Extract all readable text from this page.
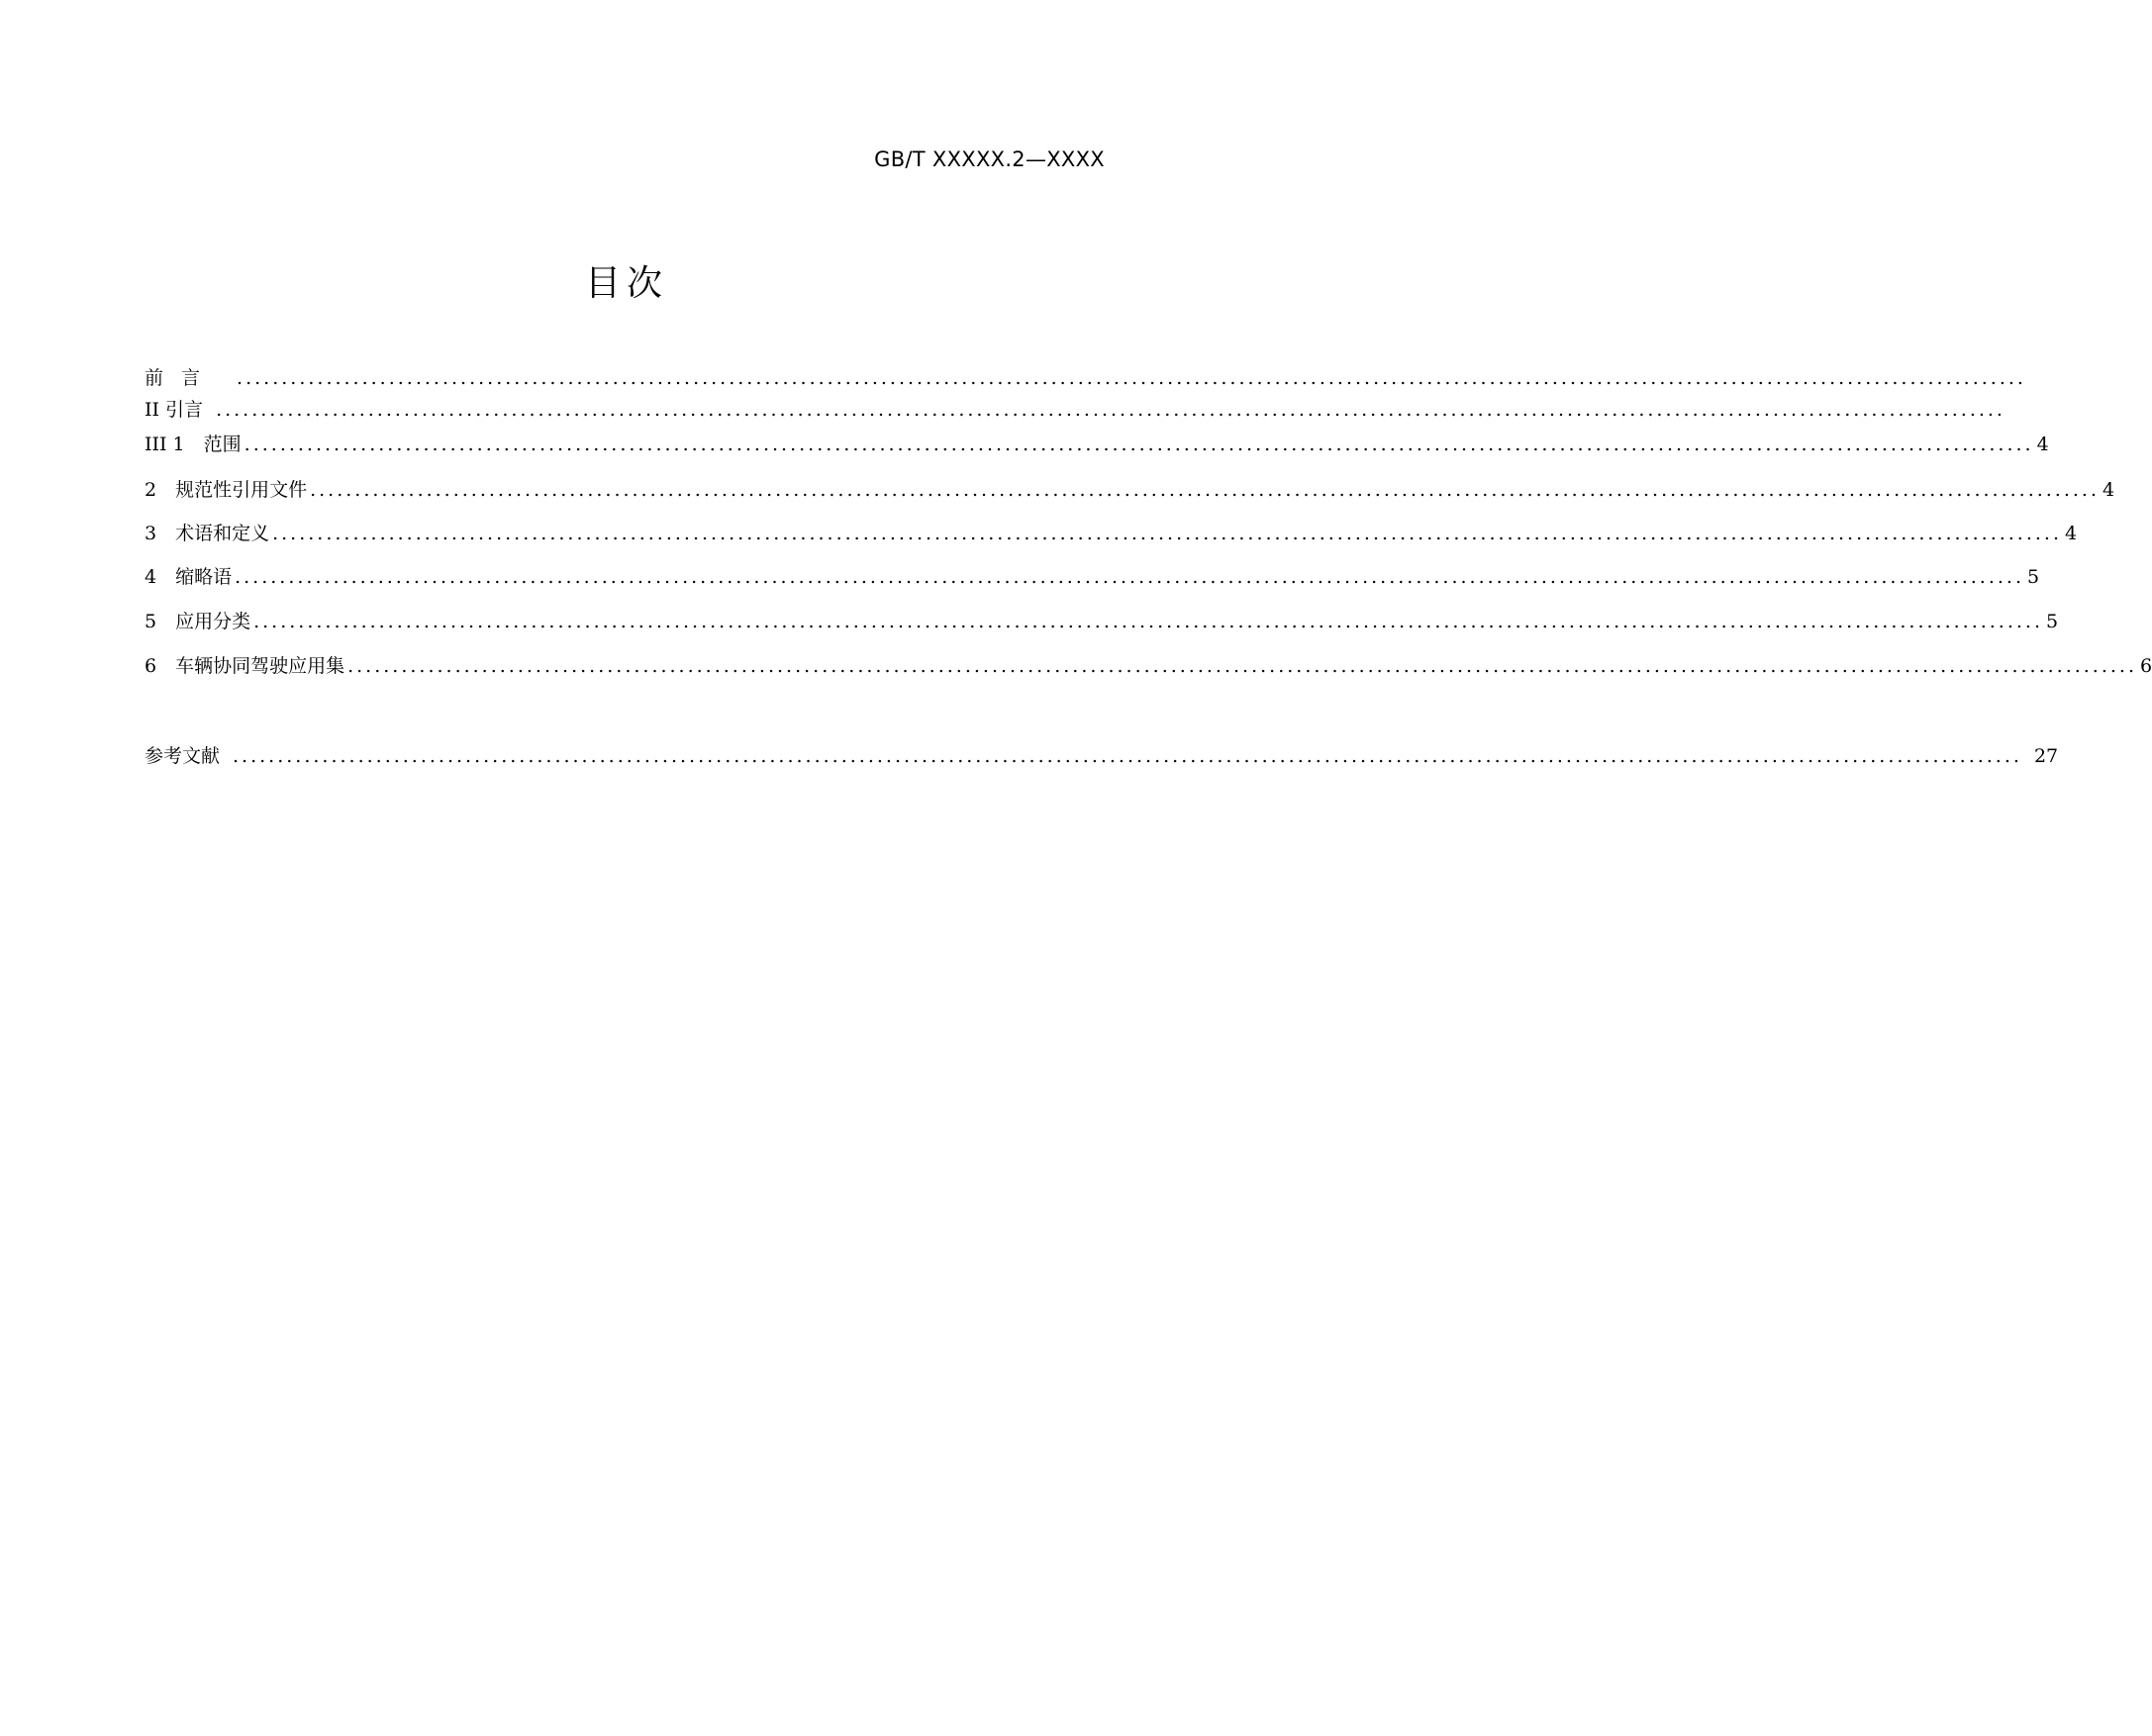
GB/T XXXXX.2—XXXX
目次
前 言 ........................................................................................................................................................................................................
II 引言 ........................................................................................................................................................................................................
III 1　范围 ........................................................................................................................................................................................................ 4
2　规范性引用文件 ........................................................................................................................................................................................................ 4
3　术语和定义 ........................................................................................................................................................................................................ 4
4　缩略语 ........................................................................................................................................................................................................ 5
5　应用分类 ........................................................................................................................................................................................................ 5
6　车辆协同驾驶应用集 ........................................................................................................................................................................................................ 6
参考文献 ........................................................................................................................................................................................................ 27
